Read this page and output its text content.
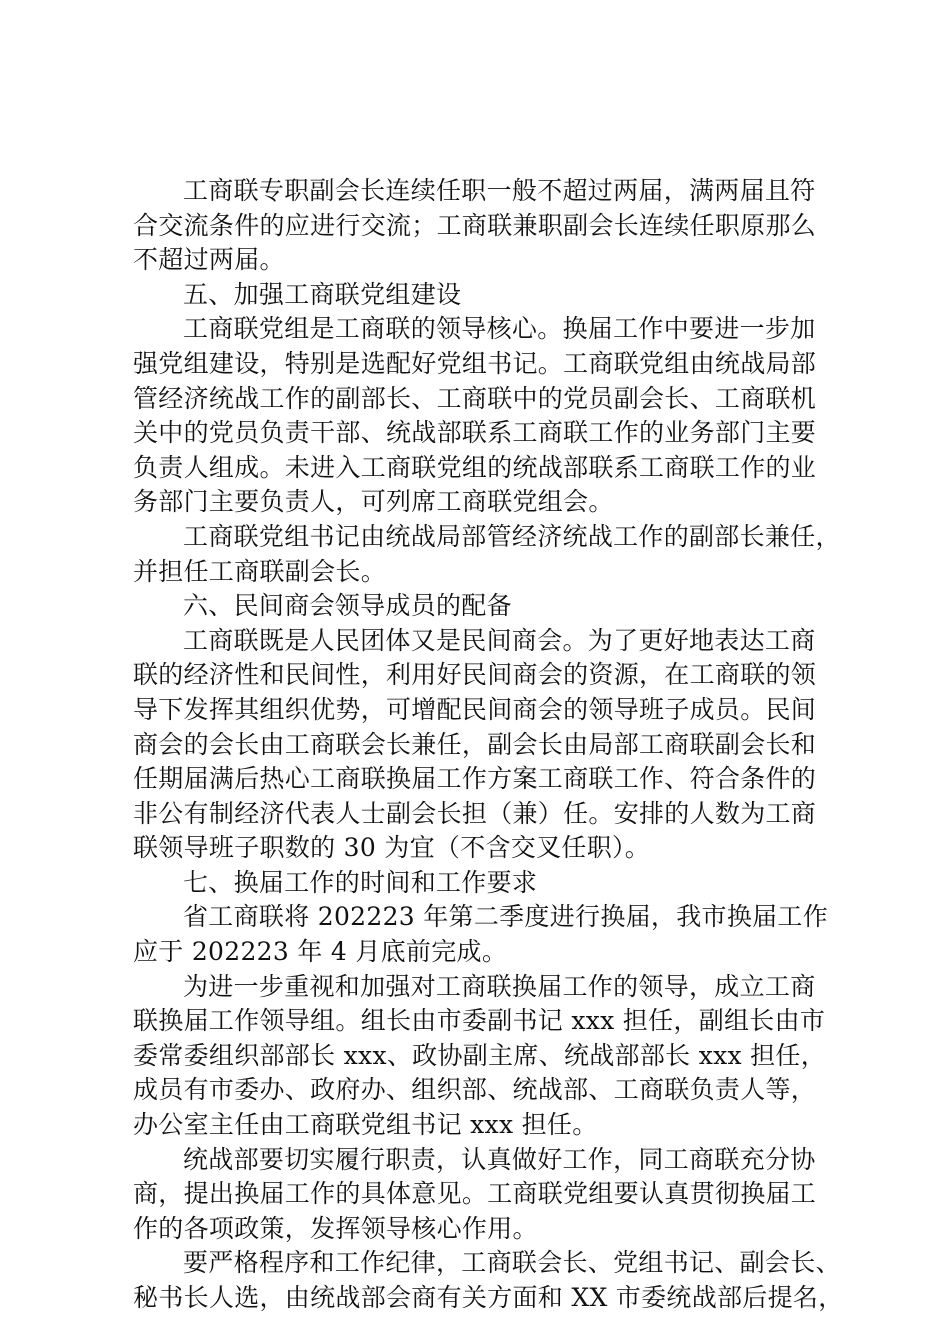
工商联专职副会长连续任职一般不超过两届，满两届且符
合交流条件的应进行交流；工商联兼职副会长连续任职原那么
不超过两届。
五、加强工商联党组建设
工商联党组是工商联的领导核心。换届工作中要进一步加
强党组建设，特别是选配好党组书记。工商联党组由统战局部
管经济统战工作的副部长、工商联中的党员副会长、工商联机
关中的党员负责干部、统战部联系工商联工作的业务部门主要
负责人组成。未进入工商联党组的统战部联系工商联工作的业
务部门主要负责人，可列席工商联党组会。
工商联党组书记由统战局部管经济统战工作的副部长兼任，
并担任工商联副会长。
六、民间商会领导成员的配备
工商联既是人民团体又是民间商会。为了更好地表达工商
联的经济性和民间性，利用好民间商会的资源，在工商联的领
导下发挥其组织优势，可增配民间商会的领导班子成员。民间
商会的会长由工商联会长兼任，副会长由局部工商联副会长和
任期届满后热心工商联换届工作方案工商联工作、符合条件的
非公有制经济代表人士副会长担（兼）任。安排的人数为工商
联领导班子职数的 30 为宜（不含交叉任职）。
七、换届工作的时间和工作要求
省工商联将 202223 年第二季度进行换届，我市换届工作
应于 202223 年 4 月底前完成。
为进一步重视和加强对工商联换届工作的领导，成立工商
联换届工作领导组。组长由市委副书记 xxx 担任，副组长由市
委常委组织部部长 xxx、政协副主席、统战部部长 xxx 担任，
成员有市委办、政府办、组织部、统战部、工商联负责人等，
办公室主任由工商联党组书记 xxx 担任。
统战部要切实履行职责，认真做好工作，同工商联充分协
商，提出换届工作的具体意见。工商联党组要认真贯彻换届工
作的各项政策，发挥领导核心作用。
要严格程序和工作纪律，工商联会长、党组书记、副会长、
秘书长人选，由统战部会商有关方面和 XX 市委统战部后提名，
